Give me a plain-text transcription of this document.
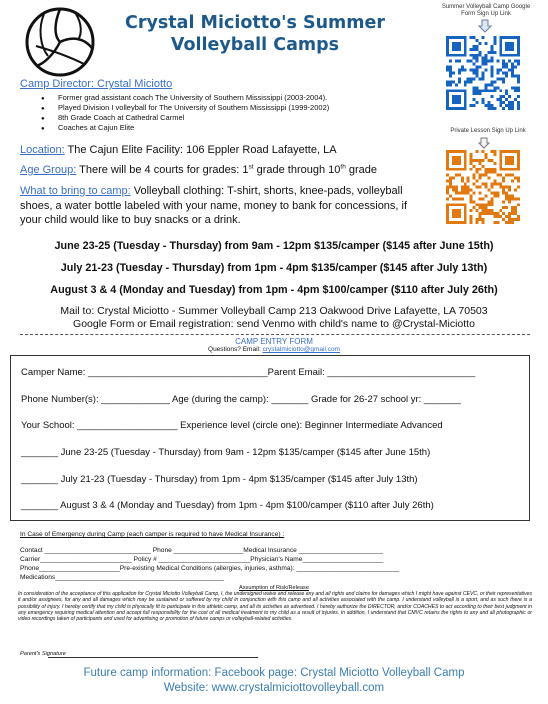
Crystal Miciotto's Summer
Volleyball Camps
Summer Volleyball Camp Google Form Sign Up Link
Private Lesson Sign Up Link
Camp Director: Crystal Miciotto
● Former grad assistant coach The University of Southern Mississippi (2003-2004).
● Played Division I volleyball for The University of Southern Mississippi (1999-2002)
● 8th Grade Coach at Cathedral Carmel
● Coaches at Cajun Elite
Location: The Cajun Elite Facility: 106 Eppler Road Lafayette, LA
Age Group: There will be 4 courts for grades: 1st grade through 10th grade
What to bring to camp: Volleyball clothing: T-shirt, shorts, knee-pads, volleyball shoes, a water bottle labeled with your name, money to bank for concessions, if your child would like to buy snacks or a drink.
June 23-25 (Tuesday - Thursday) from 9am - 12pm $135/camper ($145 after June 15th)
July 21-23 (Tuesday - Thursday) from 1pm - 4pm $135/camper ($145 after July 13th)
August 3 & 4 (Monday and Tuesday) from 1pm - 4pm $100/camper ($110 after July 26th)
Mail to: Crystal Miciotto - Summer Volleyball Camp 213 Oakwood Drive Lafayette, LA 70503
Google Form or Email registration: send Venmo with child's name to @Crystal-Miciotto
CAMP ENTRY FORM
Questions? Email: crystalmiciotto@gmail.com
Camper Name: __________________________________Parent Email: ____________________________
Phone Number(s): _____________ Age (during the camp): _______ Grade for 26-27 school yr: _______
Your School: ___________________ Experience level (circle one): Beginner Intermediate Advanced
_______ June 23-25 (Tuesday - Thursday) from 9am - 12pm $135/camper ($145 after June 15th)
_______ July 21-23 (Tuesday - Thursday) from 1pm - 4pm $135/camper ($145 after July 13th)
_______ August 3 & 4 (Monday and Tuesday) from 1pm - 4pm $100/camper ($110 after July 26th)
In Case of Emergency during Camp (each camper is required to have Medical Insurance) :
Contact _____________________________ Phone ___________________Medical Insurance _______________________
Carrier_________________________ Policy # _________________________Physician's Name______________________
Phone______________________Pre-existing Medical Conditions (allergies, injuries, asthma): ____________________________
Medications______________________________________________
Assumption of Risk/Release
In consideration of the acceptance of this application for Crystal Miciotto Volleyball Camp, I, the undersigned waive and release any and all rights and claims for damages which I might have against CEVC, or their representatives it and/or assignees, for any and all damages which may be sustained or suffered by my child in conjunction with this camp and all activities associated with the camp. I understand volleyball is a sport, and as such there is a possibility of injury. I hereby certify that my child is physically fit to participate in this athletic camp, and all its activities as advertised. I hereby authorize the DIRECTOR, and/or COACHES to act according to their best judgment in any emergency requiring medical attention and accept full responsibility for the cost of all medical treatment to my child as a result of injuries. In addition, I understand that CMVC retains the rights to any and all photographic or video recordings taken of participants and used for advertising or promotion of future camps or volleyball-related activities.
Parent's Signature
Future camp information: Facebook page: Crystal Miciotto Volleyball Camp
Website: www.crystalmiciottovolleyball.com
